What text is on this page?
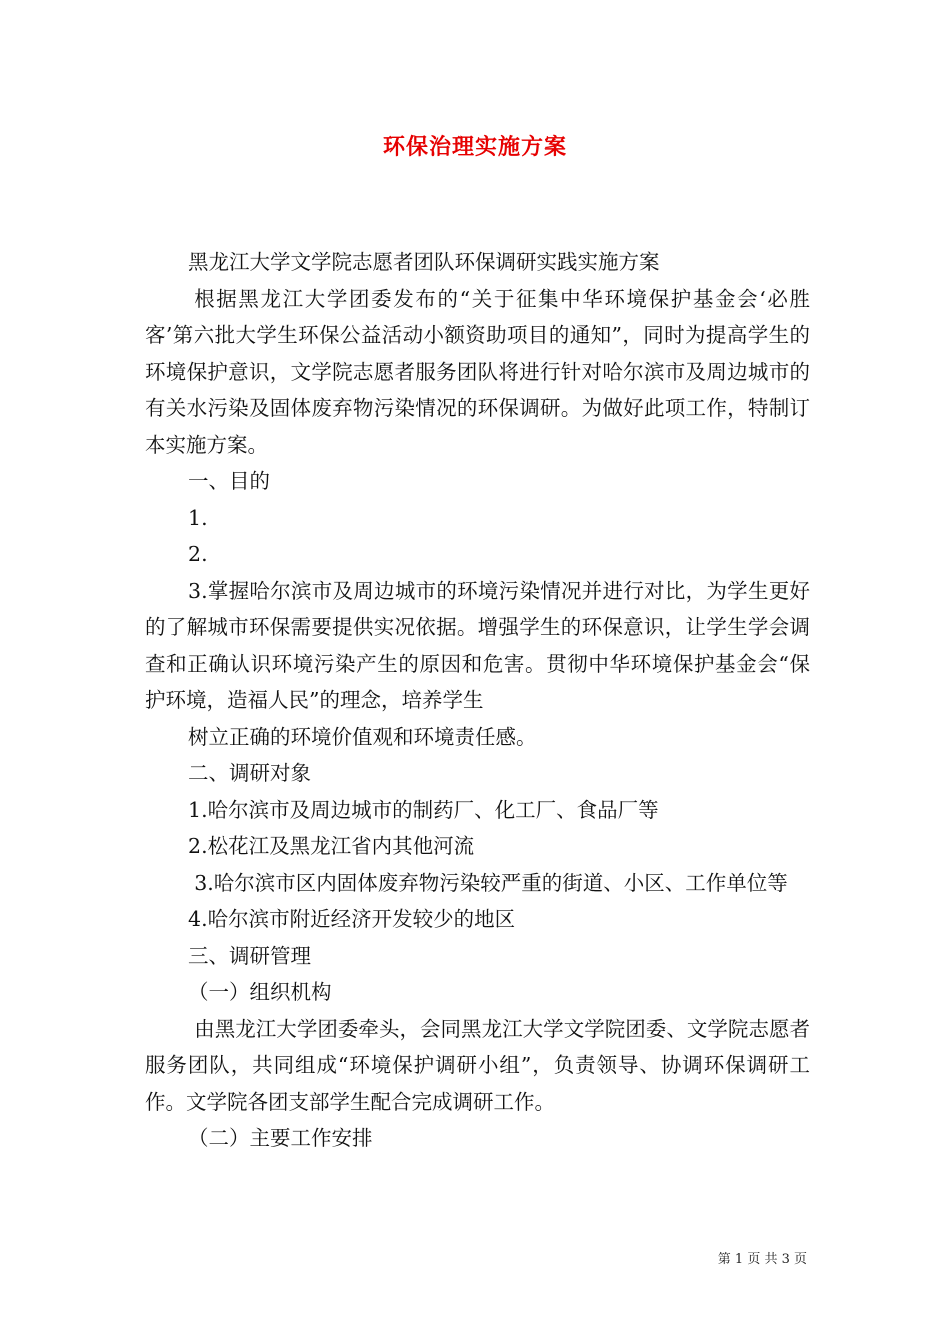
环保治理实施方案

黑龙江大学文学院志愿者团队环保调研实践实施方案

根据黑龙江大学团委发布的“关于征集中华环境保护基金会‘必胜客’第六批大学生环保公益活动小额资助项目的通知”，同时为提高学生的环境保护意识，文学院志愿者服务团队将进行针对哈尔滨市及周边城市的有关水污染及固体废弃物污染情况的环保调研。为做好此项工作，特制订本实施方案。

一、目的

1.

2.

3.掌握哈尔滨市及周边城市的环境污染情况并进行对比，为学生更好的了解城市环保需要提供实况依据。增强学生的环保意识，让学生学会调查和正确认识环境污染产生的原因和危害。贯彻中华环境保护基金会“保护环境，造福人民”的理念，培养学生

树立正确的环境价值观和环境责任感。

二、调研对象

1.哈尔滨市及周边城市的制药厂、化工厂、食品厂等

2.松花江及黑龙江省内其他河流

3.哈尔滨市区内固体废弃物污染较严重的街道、小区、工作单位等

4.哈尔滨市附近经济开发较少的地区

三、调研管理

（一）组织机构

由黑龙江大学团委牵头，会同黑龙江大学文学院团委、文学院志愿者服务团队，共同组成“环境保护调研小组”，负责领导、协调环保调研工作。文学院各团支部学生配合完成调研工作。

（二）主要工作安排

第 1 页 共 3 页
